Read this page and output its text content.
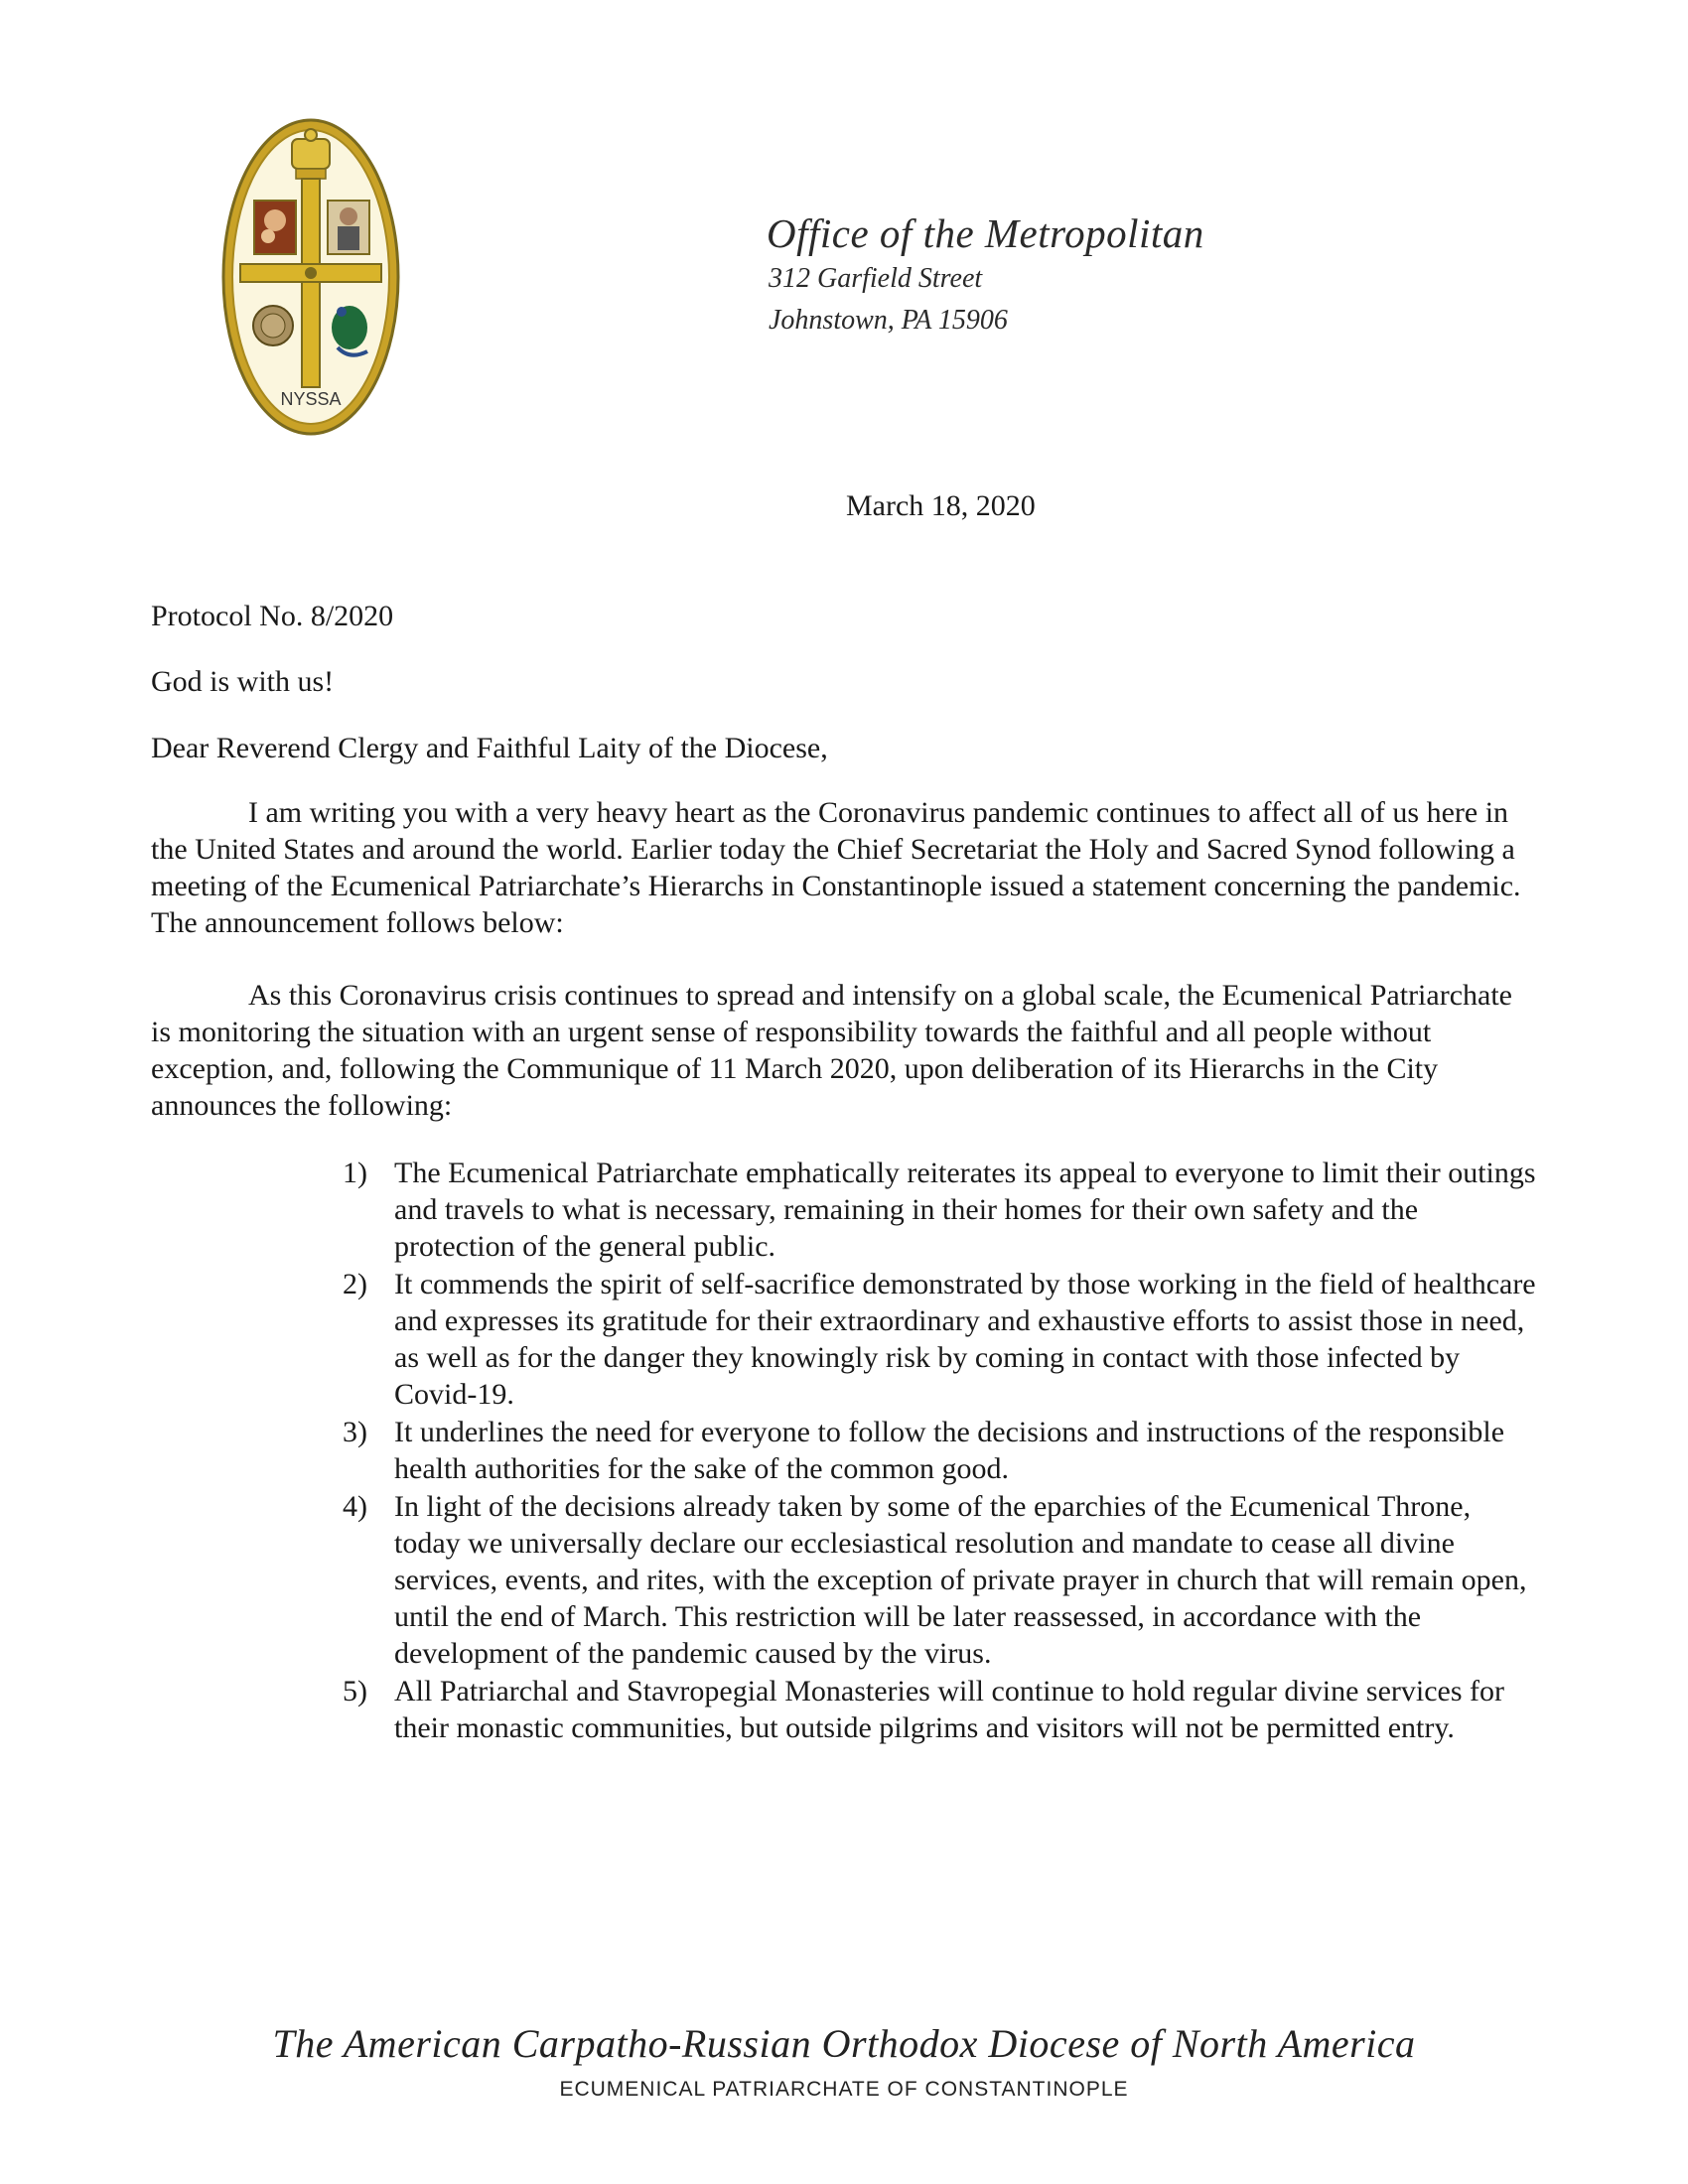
NYSSA
Office of the Metropolitan
312 Garfield Street
Johnstown, PA 15906
March 18, 2020
Protocol No. 8/2020
God is with us!
Dear Reverend Clergy and Faithful Laity of the Diocese,

I am writing you with a very heavy heart as the Coronavirus pandemic continues to affect all of us here in the United States and around the world. Earlier today the Chief Secretariat the Holy and Sacred Synod following a meeting of the Ecumenical Patriarchate’s Hierarchs in Constantinople issued a statement concerning the pandemic. The announcement follows below:

As this Coronavirus crisis continues to spread and intensify on a global scale, the Ecumenical Patriarchate is monitoring the situation with an urgent sense of responsibility towards the faithful and all people without exception, and, following the Communique of 11 March 2020, upon deliberation of its Hierarchs in the City announces the following:

1) The Ecumenical Patriarchate emphatically reiterates its appeal to everyone to limit their outings and travels to what is necessary, remaining in their homes for their own safety and the protection of the general public.
2) It commends the spirit of self-sacrifice demonstrated by those working in the field of healthcare and expresses its gratitude for their extraordinary and exhaustive efforts to assist those in need, as well as for the danger they knowingly risk by coming in contact with those infected by Covid-19.
3) It underlines the need for everyone to follow the decisions and instructions of the responsible health authorities for the sake of the common good.
4) In light of the decisions already taken by some of the eparchies of the Ecumenical Throne, today we universally declare our ecclesiastical resolution and mandate to cease all divine services, events, and rites, with the exception of private prayer in church that will remain open, until the end of March. This restriction will be later reassessed, in accordance with the development of the pandemic caused by the virus.
5) All Patriarchal and Stavropegial Monasteries will continue to hold regular divine services for their monastic communities, but outside pilgrims and visitors will not be permitted entry.
The American Carpatho-Russian Orthodox Diocese of North America
ECUMENICAL PATRIARCHATE OF CONSTANTINOPLE
